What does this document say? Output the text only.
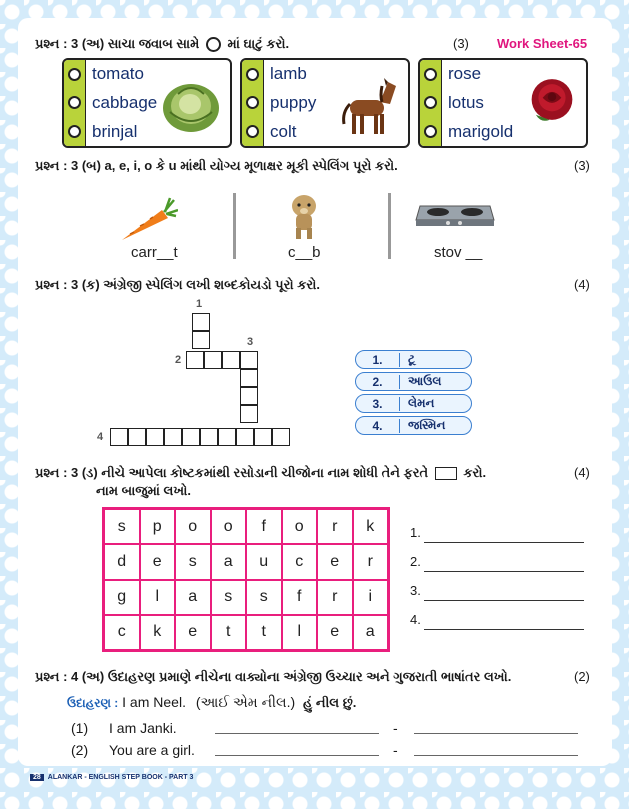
પ્રશ્ન : 3 (અ) સાચા જવાબ સામે માં ઘાટું કરો.	(3) Work Sheet-65
tomato
cabbage
brinjal
lamb
puppy
colt
rose
lotus
marigold
પ્રશ્ન : 3 (બ) a, e, i, o કે u માંથી યોગ્ય મૂળાક્ષર મૂકી સ્પેલિંગ પૂરો કરો.	(3)
carr__t	c__b	stov __
પ્રશ્ન : 3 (ક) અંગ્રેજી સ્પેલિંગ લખી શબ્દકોયડો પૂરો કરો.	(4)
1
2
3
4
1.	ટૂ
2.	આઉલ
3.	લેમન
4.	જસ્મિન
પ્રશ્ન : 3 (ડ) નીચે આપેલા કોષ્ટકમાંથી રસોડાની ચીજોના નામ શોધી તેને ફરતે	કરો.	(4)
નામ બાજુમાં લખો.
s	p	o	o	f	o	r	k
d	e	s	a	u	c	e	r
g	l	a	s	s	f	r	i
c	k	e	t	t	l	e	a
1.
2.
3.
4.
પ્રશ્ન : 4 (અ) ઉદાહરણ પ્રમાણે નીચેના વાક્યોના અંગ્રેજી ઉચ્ચાર અને ગુજરાતી ભાષાંતર લખો.	(2)
ઉદાહરણ : I am Neel. (આઈ એમ નીલ.) હું નીલ છું.
(1) I am Janki.	-
(2) You are a girl.	-
28	ALANKAR - ENGLISH STEP BOOK - PART 3
